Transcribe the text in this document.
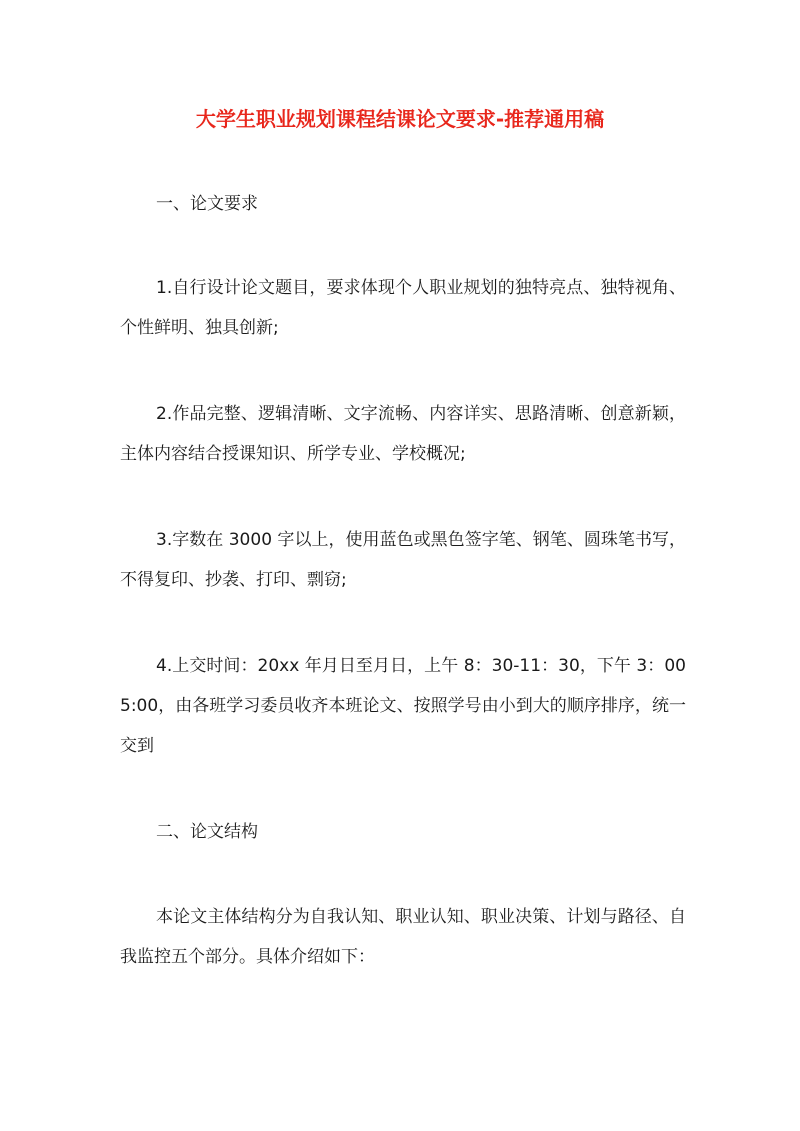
大学生职业规划课程结课论文要求-推荐通用稿

一、论文要求

1.自行设计论文题目，要求体现个人职业规划的独特亮点、独特视角、个性鲜明、独具创新;

2.作品完整、逻辑清晰、文字流畅、内容详实、思路清晰、创意新颖，主体内容结合授课知识、所学专业、学校概况;

3.字数在 3000 字以上，使用蓝色或黑色签字笔、钢笔、圆珠笔书写，不得复印、抄袭、打印、剽窃;

4.上交时间：20xx 年月日至月日，上午 8：30-11：30，下午 3：005:00，由各班学习委员收齐本班论文、按照学号由小到大的顺序排序，统一交到

二、论文结构

本论文主体结构分为自我认知、职业认知、职业决策、计划与路径、自我监控五个部分。具体介绍如下：
